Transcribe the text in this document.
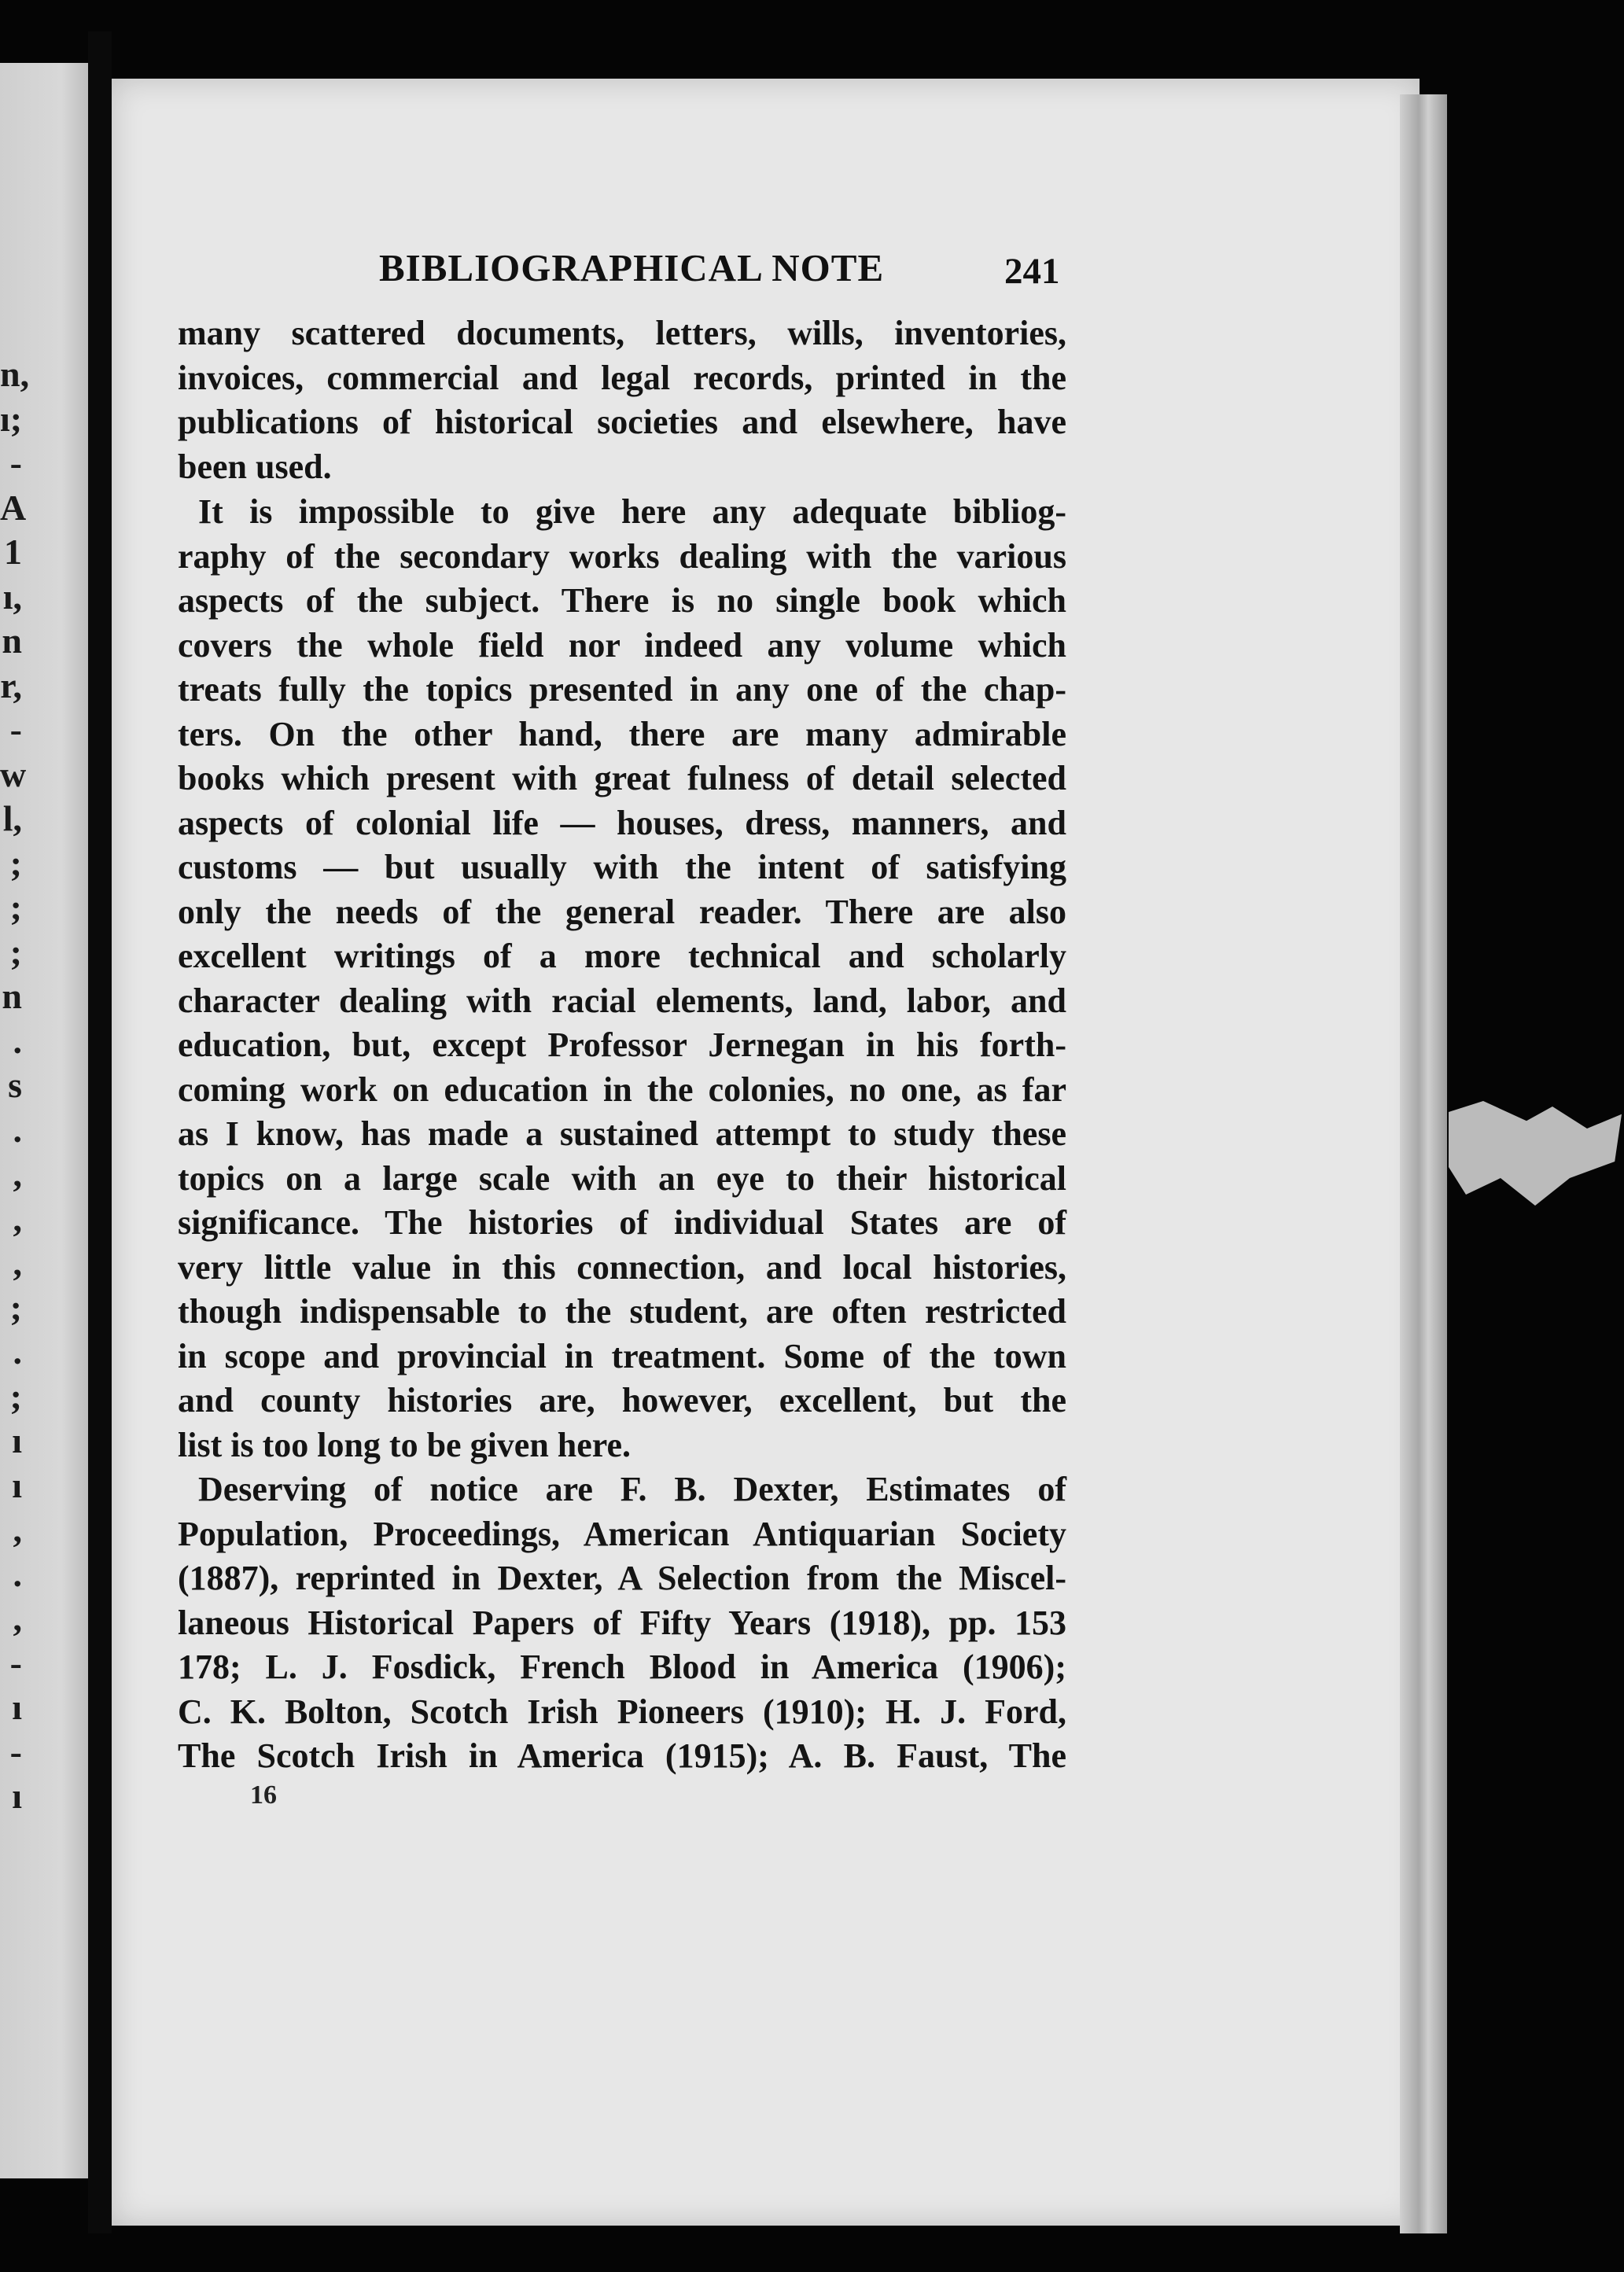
n,
ı;
-
A
1
ı,
n
r,
-
w
l,
;
;
;
n
.
s
.
,
,
,
;
.
;
ı
ı
,
.
,
-
ı
-
ı
BIBLIOGRAPHICAL NOTE	241

many scattered documents, letters, wills, inventories,
invoices, commercial and legal records, printed in the
publications of historical societies and elsewhere, have
been used.

It is impossible to give here any adequate bibliog-
raphy of the secondary works dealing with the various
aspects of the subject. There is no single book which
covers the whole field nor indeed any volume which
treats fully the topics presented in any one of the chap-
ters. On the other hand, there are many admirable
books which present with great fulness of detail selected
aspects of colonial life — houses, dress, manners, and
customs — but usually with the intent of satisfying
only the needs of the general reader. There are also
excellent writings of a more technical and scholarly
character dealing with racial elements, land, labor, and
education, but, except Professor Jernegan in his forth-
coming work on education in the colonies, no one, as far
as I know, has made a sustained attempt to study these
topics on a large scale with an eye to their historical
significance. The histories of individual States are of
very little value in this connection, and local histories,
though indispensable to the student, are often restricted
in scope and provincial in treatment. Some of the town
and county histories are, however, excellent, but the
list is too long to be given here.

Deserving of notice are F. B. Dexter, Estimates of
Population, Proceedings, American Antiquarian Society
(1887), reprinted in Dexter, A Selection from the Miscel-
laneous Historical Papers of Fifty Years (1918), pp. 153
178; L. J. Fosdick, French Blood in America (1906);
C. K. Bolton, Scotch Irish Pioneers (1910); H. J. Ford,
The Scotch Irish in America (1915); A. B. Faust, The

16
